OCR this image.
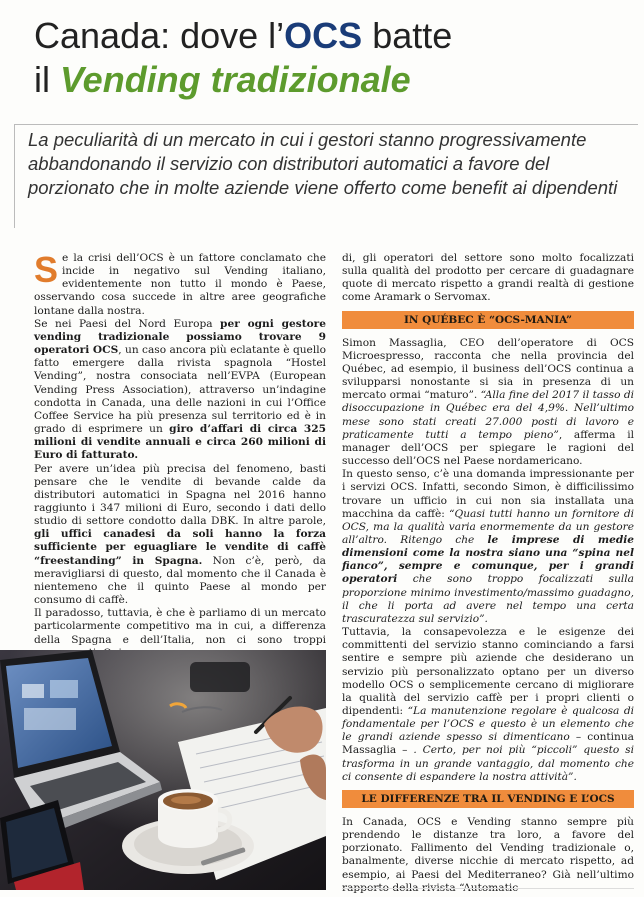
Canada: dove l’OCS batte
il Vending tradizionale
La peculiarità di un mercato in cui i gestori stanno progressivamente abbandonando il servizio con distributori automatici a favore del porzionato che in molte aziende viene offerto come benefit ai dipendenti

Se la crisi dell’OCS è un fattore conclamato che incide in negativo sul Vending italiano, evidentemente non tutto il mondo è Paese, osservando cosa succede in altre aree geografiche lontane dalla nostra.

Se nei Paesi del Nord Europa per ogni gestore vending tradizionale possiamo trovare 9 operatori OCS, un caso ancora più eclatante è quello fatto emergere dalla rivista spagnola “Hostel Vending”, nostra consociata nell’EVPA (European Vending Press Association), attraverso un’indagine condotta in Canada, una delle nazioni in cui l’Office Coffee Service ha più presenza sul territorio ed è in grado di esprimere un giro d’affari di circa 325 milioni di vendite annuali e circa 260 milioni di Euro di fatturato.

Per avere un’idea più precisa del fenomeno, basti pensare che le vendite di bevande calde da distributori automatici in Spagna nel 2016 hanno raggiunto i 347 milioni di Euro, secondo i dati dello studio di settore condotto dalla DBK. In altre parole, gli uffici canadesi da soli hanno la forza sufficiente per eguagliare le vendite di caffè “freestanding” in Spagna. Non c’è, però, da meravigliarsi di questo, dal momento che il Canada è nientemeno che il quinto Paese al mondo per consumo di caffè.

Il paradosso, tuttavia, è che è parliamo di un mercato particolarmente competitivo ma in cui, a differenza della Spagna e dell’Italia, non ci sono troppi

di, gli operatori del settore sono molto focalizzati sulla qualità del prodotto per cercare di guadagnare quote di mercato rispetto a grandi realtà di gestione come Aramark o Servomax.

IN QUÉBEC È “OCS-MANIA”

Simon Massaglia, CEO dell’operatore di OCS Microespresso, racconta che nella provincia del Québec, ad esempio, il business dell’OCS continua a svilupparsi nonostante si sia in presenza di un mercato ormai “maturo”. “Alla fine del 2017 il tasso di disoccupazione in Québec era del 4,9%. Nell’ultimo mese sono stati creati 27.000 posti di lavoro e praticamente tutti a tempo pieno”, afferma il manager dell’OCS per spiegare le ragioni del successo dell’OCS nel Paese nordamericano.

In questo senso, c’è una domanda impressionante per i servizi OCS. Infatti, secondo Simon, è difficilissimo trovare un ufficio in cui non sia installata una macchina da caffè: “Quasi tutti hanno un fornitore di OCS, ma la qualità varia enormemente da un gestore all’altro. Ritengo che le imprese di medie dimensioni come la nostra siano una “spina nel fianco”, sempre e comunque, per i grandi operatori che sono troppo focalizzati sulla proporzione minimo investimento/massimo guadagno, il che li porta ad avere nel tempo una certa trascuratezza sul servizio”.

Tuttavia, la consapevolezza e le esigenze dei committenti del servizio stanno cominciando a farsi sentire e sempre più aziende che desiderano un servizio più personalizzato optano per un diverso modello OCS o semplicemente cercano di migliorare la qualità del servizio caffè per i propri clienti o dipendenti: “La manutenzione regolare è qualcosa di fondamentale per l’OCS e questo è un elemento che le grandi aziende spesso si dimenticano – continua Massaglia – . Certo, per noi più “piccoli” questo si trasforma in un grande vantaggio, dal momento che ci consente di espandere la nostra attività”.

LE DIFFERENZE TRA IL VENDING E L’OCS

In Canada, OCS e Vending stanno sempre più prendendo le distanze tra loro, a favore del porzionato. Fallimento del Vending tradizionale o, banalmente, diverse nicchie di mercato rispetto, ad esempio, ai Paesi del Mediterraneo? Già nell’ultimo rapporto della rivista “Automatic
